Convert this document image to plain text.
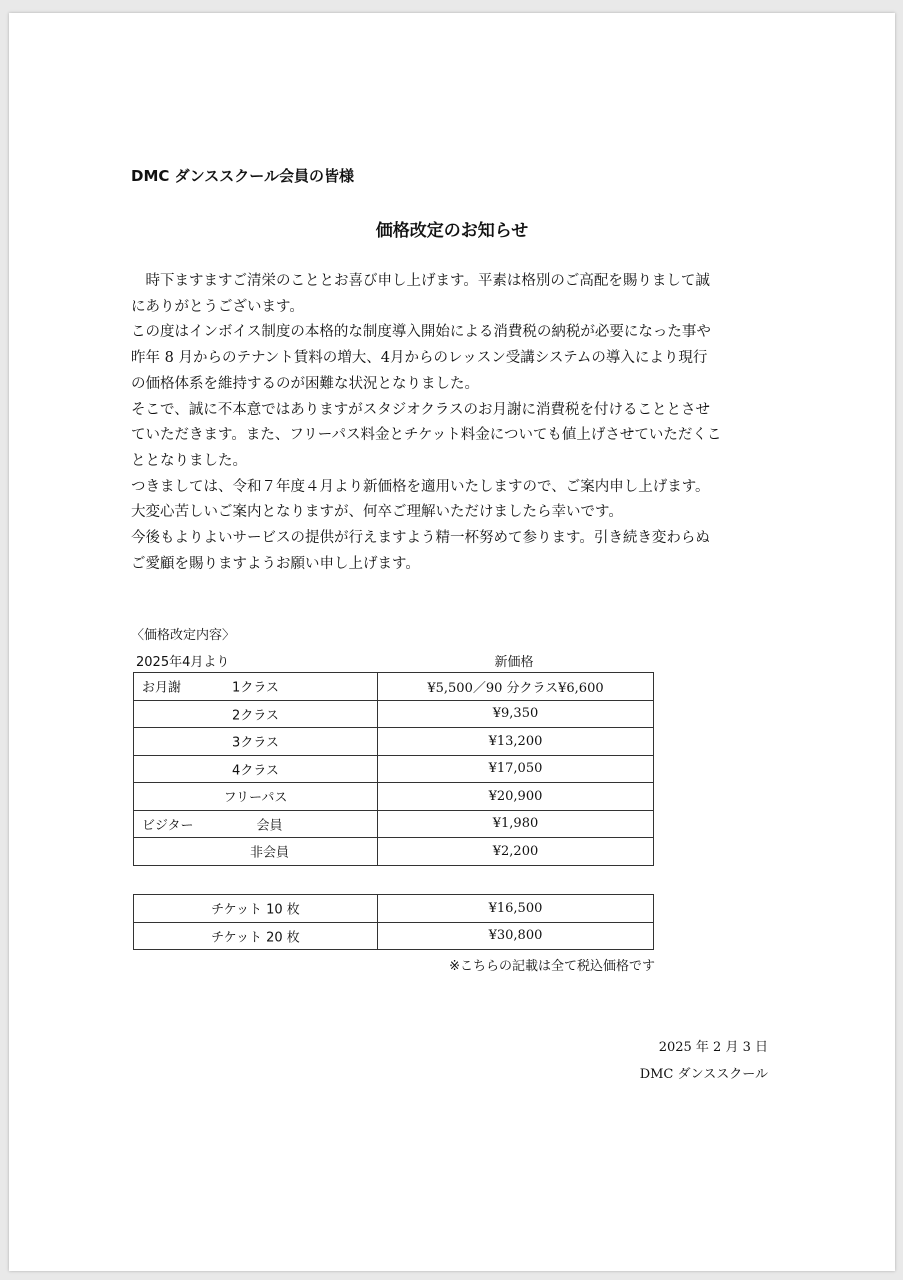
DMC ダンススクール会員の皆様
価格改定のお知らせ

　時下ますますご清栄のこととお喜び申し上げます。平素は格別のご高配を賜りまして誠

にありがとうございます。

この度はインボイス制度の本格的な制度導入開始による消費税の納税が必要になった事や

昨年 8 月からのテナント賃料の増大、4月からのレッスン受講システムの導入により現行

の価格体系を維持するのが困難な状況となりました。

そこで、誠に不本意ではありますがスタジオクラスのお月謝に消費税を付けることとさせ

ていただきます。また、フリーパス料金とチケット料金についても値上げさせていただくこ

ととなりました。

つきましては、令和７年度４月より新価格を適用いたしますので、ご案内申し上げます。

大変心苦しいご案内となりますが、何卒ご理解いただけましたら幸いです。

今後もよりよいサービスの提供が行えますよう精一杯努めて参ります。引き続き変わらぬ

ご愛顧を賜りますようお願い申し上げます。

〈価格改定内容〉
2025年4月より	新価格
お月謝 1クラス	¥5,500／90 分クラス¥6,600

2クラス	¥9,350

3クラス	¥13,200

4クラス	¥17,050

フリーパス	¥20,900

ビジター 会員	¥1,980

非会員	¥2,200
チケット 10 枚	¥16,500

チケット 20 枚	¥30,800
※こちらの記載は全て税込価格です
2025 年 2 月 3 日
DMC ダンススクール
